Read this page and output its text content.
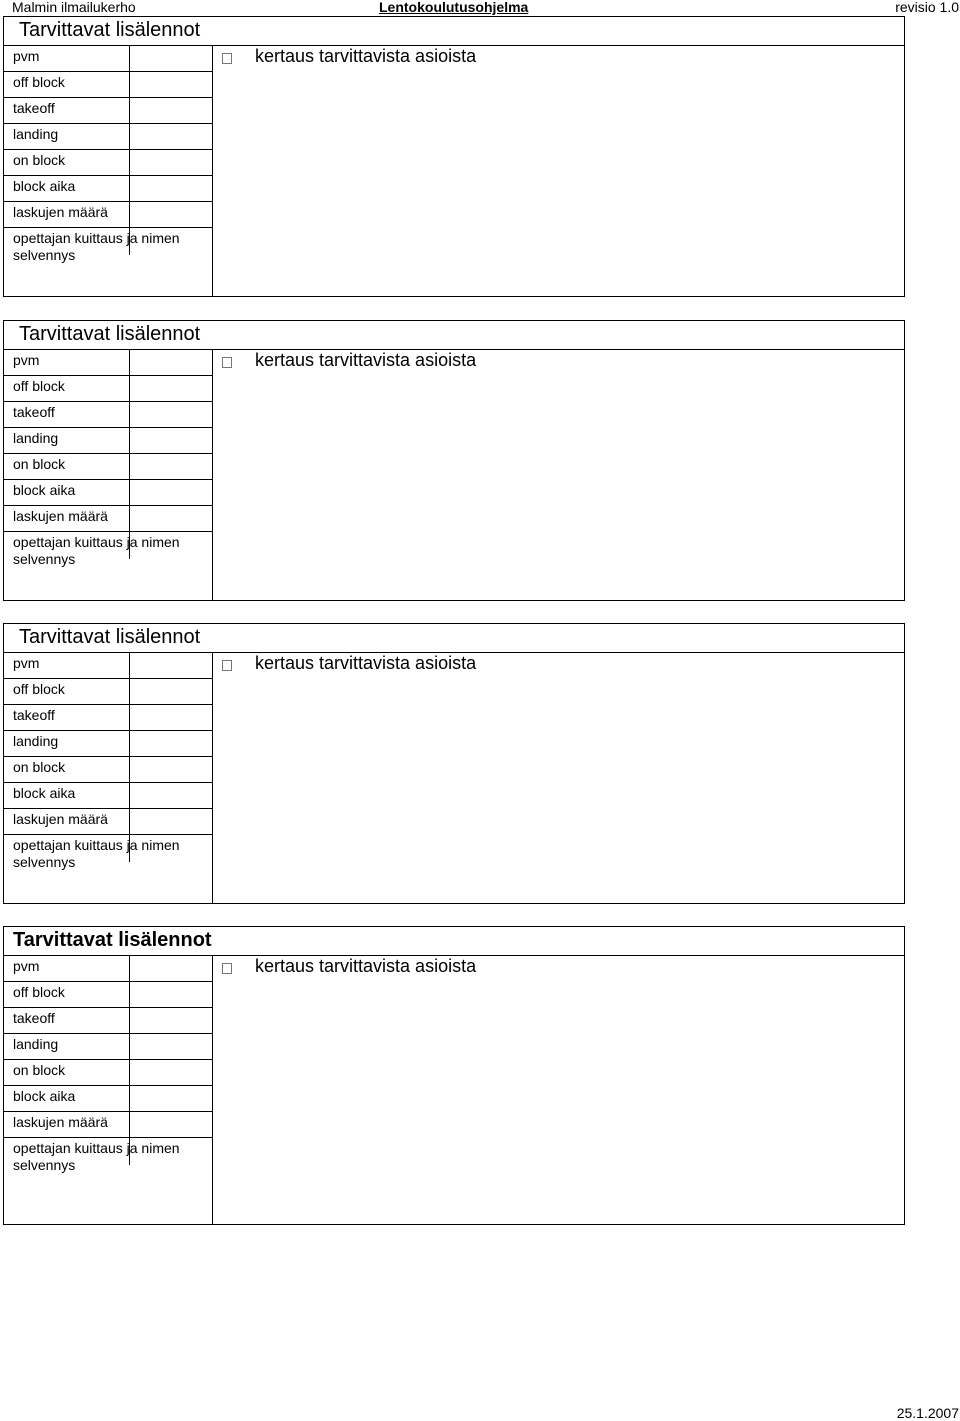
Malmin ilmailukerho	Lentokoulutusohjelma	revisio 1.0
Tarvittavat lisälennot
pvm
off block
takeoff
landing
on block
block aika
laskujen määrä
opettajan kuittaus ja nimen selvennys
kertaus tarvittavista asioista
Tarvittavat lisälennot
pvm
off block
takeoff
landing
on block
block aika
laskujen määrä
opettajan kuittaus ja nimen selvennys
kertaus tarvittavista asioista
Tarvittavat lisälennot
pvm
off block
takeoff
landing
on block
block aika
laskujen määrä
opettajan kuittaus ja nimen selvennys
kertaus tarvittavista asioista
Tarvittavat lisälennot
pvm
off block
takeoff
landing
on block
block aika
laskujen määrä
opettajan kuittaus ja nimen selvennys
kertaus tarvittavista asioista
25.1.2007
